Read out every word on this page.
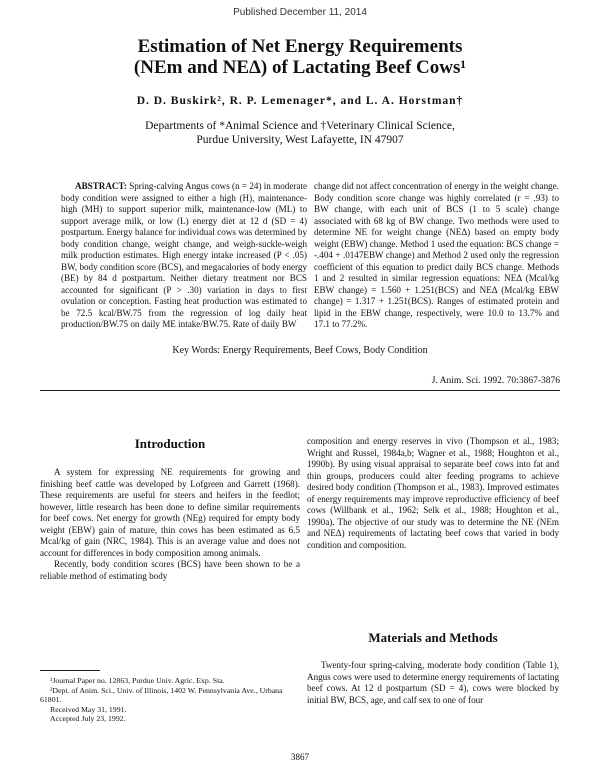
Published December 11, 2014
Estimation of Net Energy Requirements
(NEm and NEΔ) of Lactating Beef Cows¹
D. D. Buskirk², R. P. Lemenager*, and L. A. Horstman†
Departments of *Animal Science and †Veterinary Clinical Science,
Purdue University, West Lafayette, IN 47907

ABSTRACT: Spring-calving Angus cows (n = 24) in moderate body condition were assigned to either a high (H), maintenance-high (MH) to support superior milk, maintenance-low (ML) to support average milk, or low (L) energy diet at 12 d (SD = 4) postpartum. Energy balance for individual cows was determined by body condition change, weight change, and weigh-suckle-weigh milk production estimates. High energy intake increased (P < .05) BW, body condition score (BCS), and megacalories of body energy (BE) by 84 d postpartum. Neither dietary treatment nor BCS accounted for significant (P > .30) variation in days to first ovulation or conception. Fasting heat production was estimated to be 72.5 kcal/BW.75 from the regression of log daily heat production/BW.75 on daily ME intake/BW.75. Rate of daily BW

change did not affect concentration of energy in the weight change. Body condition score change was highly correlated (r = .93) to BW change, with each unit of BCS (1 to 5 scale) change associated with 68 kg of BW change. Two methods were used to determine NE for weight change (NEΔ) based on empty body weight (EBW) change. Method 1 used the equation: BCS change = -.404 + .0147EBW change) and Method 2 used only the regression coefficient of this equation to predict daily BCS change. Methods 1 and 2 resulted in similar regression equations: NEΔ (Mcal/kg EBW change) = 1.560 + 1.251(BCS) and NEΔ (Mcal/kg EBW change) = 1.317 + 1.251(BCS). Ranges of estimated protein and lipid in the EBW change, respectively, were 10.0 to 13.7% and 17.1 to 77.2%.

Key Words: Energy Requirements, Beef Cows, Body Condition
J. Anim. Sci. 1992. 70:3867-3876
Introduction

A system for expressing NE requirements for growing and finishing beef cattle was developed by Lofgreen and Garrett (1968). These requirements are useful for steers and heifers in the feedlot; however, little research has been done to define similar requirements for beef cows. Net energy for growth (NEg) required for empty body weight (EBW) gain of mature, thin cows has been estimated as 6.5 Mcal/kg of gain (NRC, 1984). This is an average value and does not account for differences in body composition among animals.

Recently, body condition scores (BCS) have been shown to be a reliable method of estimating body

composition and energy reserves in vivo (Thompson et al., 1983; Wright and Russel, 1984a,b; Wagner et al., 1988; Houghton et al., 1990b). By using visual appraisal to separate beef cows into fat and thin groups, producers could alter feeding programs to achieve desired body condition (Thompson et al., 1983). Improved estimates of energy requirements may improve reproductive efficiency of beef cows (Willbank et al., 1962; Selk et al., 1988; Houghton et al., 1990a). The objective of our study was to determine the NE (NEm and NEΔ) requirements of lactating beef cows that varied in body condition and composition.

Materials and Methods

Twenty-four spring-calving, moderate body condition (Table 1), Angus cows were used to determine energy requirements of lactating beef cows. At 12 d postpartum (SD = 4), cows were blocked by initial BW, BCS, age, and calf sex to one of four

¹Journal Paper no. 12863, Purdue Univ. Agric. Exp. Sta.
²Dept. of Anim. Sci., Univ. of Illinois, 1402 W. Pennsylvania Ave., Urbana 61801.
Received May 31, 1991.
Accepted July 23, 1992.
3867
